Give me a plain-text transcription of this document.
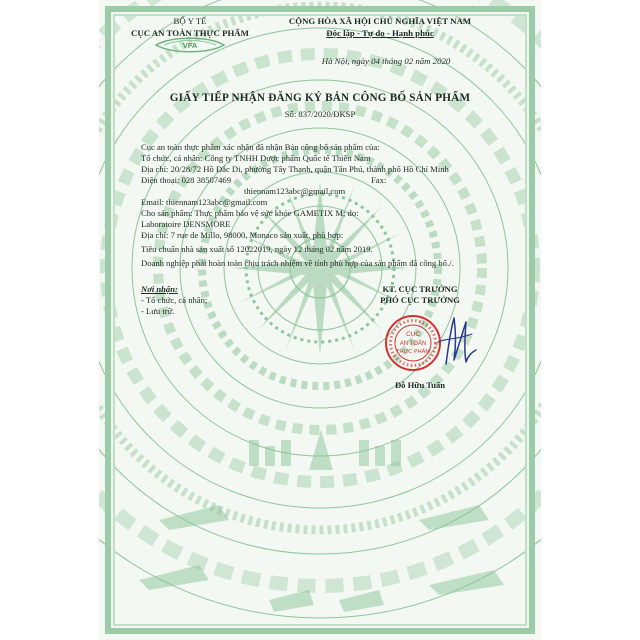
BỘ Y TẾ
CỤC AN TOÀN THỰC PHẨM
VFA
CỘNG HÒA XÃ HỘI CHỦ NGHĨA VIỆT NAM
Độc lập - Tự do - Hạnh phúc
Hà Nội, ngày 04 tháng 02 năm 2020
GIẤY TIẾP NHẬN ĐĂNG KÝ BẢN CÔNG BỐ SẢN PHẨM
Số: 837/2020/ĐKSP
Cục an toàn thực phẩm xác nhận đã nhận Bản công bố sản phẩm của:
Tổ chức, cá nhân: Công ty TNHH Dược phẩm Quốc tế Thiên Nam
Địa chỉ: 20/28/72 Hồ Đắc Di, phường Tây Thạnh, quận Tân Phú, thành phố Hồ Chí Minh
Điện thoại: 028 38507469	Fax:
thiennam123abc@gmail.com
Email: thiennam123abc@gmail.com
Cho sản phẩm: Thực phẩm bảo vệ sức khỏe GAMETIX M; do:
Laboratoire DENSMORE
Địa chỉ: 7 rue de Millo, 98000, Monaco sản xuất, phù hợp:
Tiêu chuẩn nhà sản xuất số 12022019, ngày 12 tháng 02 năm 2019.
Doanh nghiệp phải hoàn toàn chịu trách nhiệm về tính phù hợp của sản phẩm đã công bố./.
Nơi nhận:
- Tổ chức, cá nhân;
- Lưu trữ.
KT. CỤC TRƯỞNG
PHÓ CỤC TRƯỞNG
CỤC
AN TOÀN
THỰC PHẨM
Đỗ Hữu Tuấn
